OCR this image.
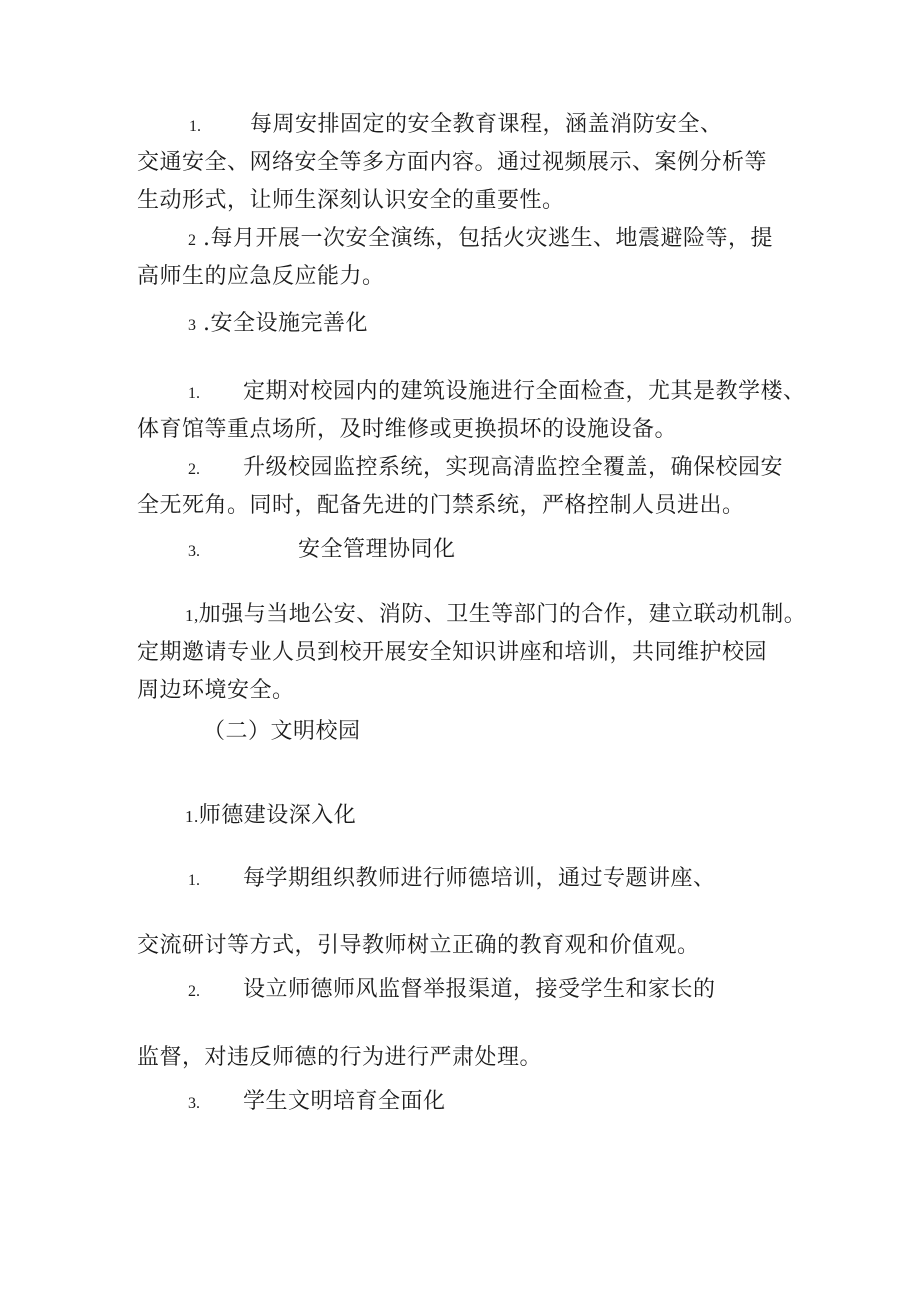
1. 每周安排固定的安全教育课程，涵盖消防安全、
交通安全、网络安全等多方面内容。通过视频展示、案例分析等
生动形式，让师生深刻认识安全的重要性。
2 .每月开展一次安全演练，包括火灾逃生、地震避险等，提
高师生的应急反应能力。
3 .安全设施完善化
1. 定期对校园内的建筑设施进行全面检查，尤其是教学楼、
体育馆等重点场所，及时维修或更换损坏的设施设备。
2. 升级校园监控系统，实现高清监控全覆盖，确保校园安
全无死角。同时，配备先进的门禁系统，严格控制人员进出。
3.	安全管理协同化
1,加强与当地公安、消防、卫生等部门的合作，建立联动机制。
定期邀请专业人员到校开展安全知识讲座和培训，共同维护校园
周边环境安全。
（二）文明校园
1.师德建设深入化
1. 每学期组织教师进行师德培训，通过专题讲座、
交流研讨等方式，引导教师树立正确的教育观和价值观。
2. 设立师德师风监督举报渠道，接受学生和家长的
监督，对违反师德的行为进行严肃处理。
3. 学生文明培育全面化
